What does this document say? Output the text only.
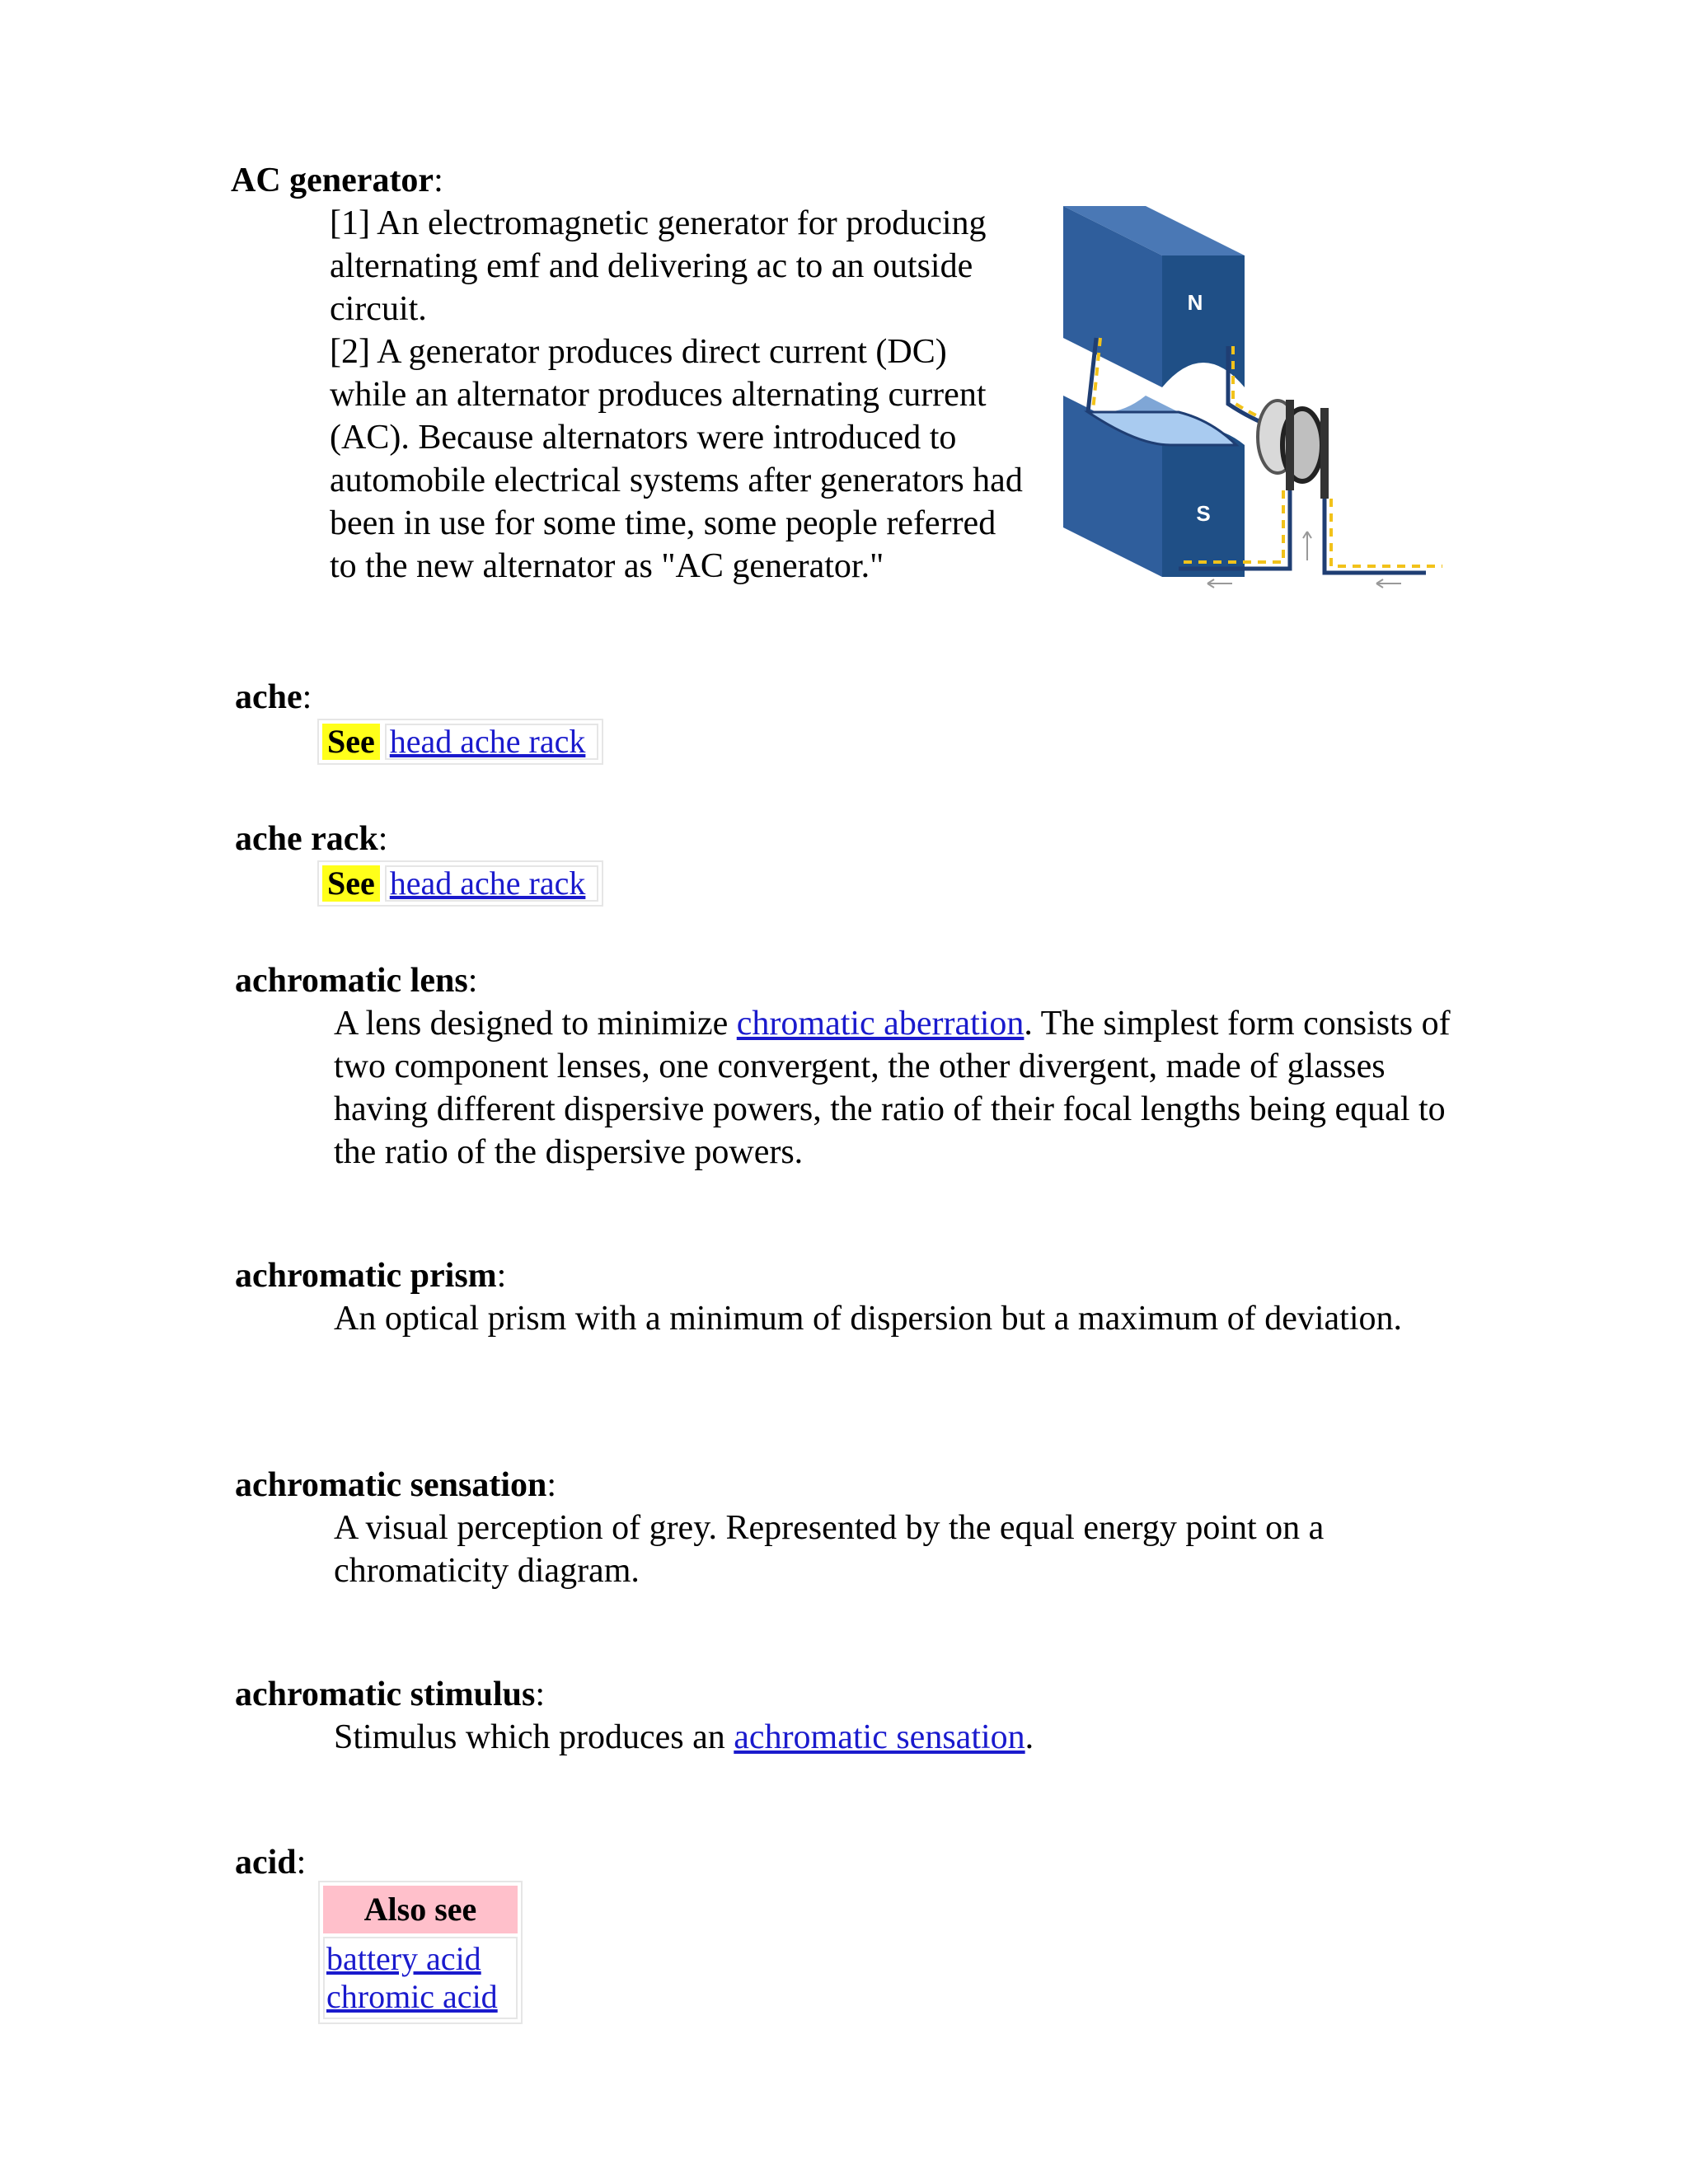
AC generator:
[1] An electromagnetic generator for producing alternating emf and delivering ac to an outside circuit.
[2] A generator produces direct current (DC) while an alternator produces alternating current (AC). Because alternators were introduced to automobile electrical systems after generators had been in use for some time, some people referred to the new alternator as "AC generator."
N
S
ache:
See head ache rack
ache rack:
See head ache rack
achromatic lens:
A lens designed to minimize chromatic aberration. The simplest form consists of two component lenses, one convergent, the other divergent, made of glasses having different dispersive powers, the ratio of their focal lengths being equal to the ratio of the dispersive powers.
achromatic prism:
An optical prism with a minimum of dispersion but a maximum of deviation.
achromatic sensation:
A visual perception of grey. Represented by the equal energy point on a chromaticity diagram.
achromatic stimulus:
Stimulus which produces an achromatic sensation.
acid:
Also see
battery acid
chromic acid
